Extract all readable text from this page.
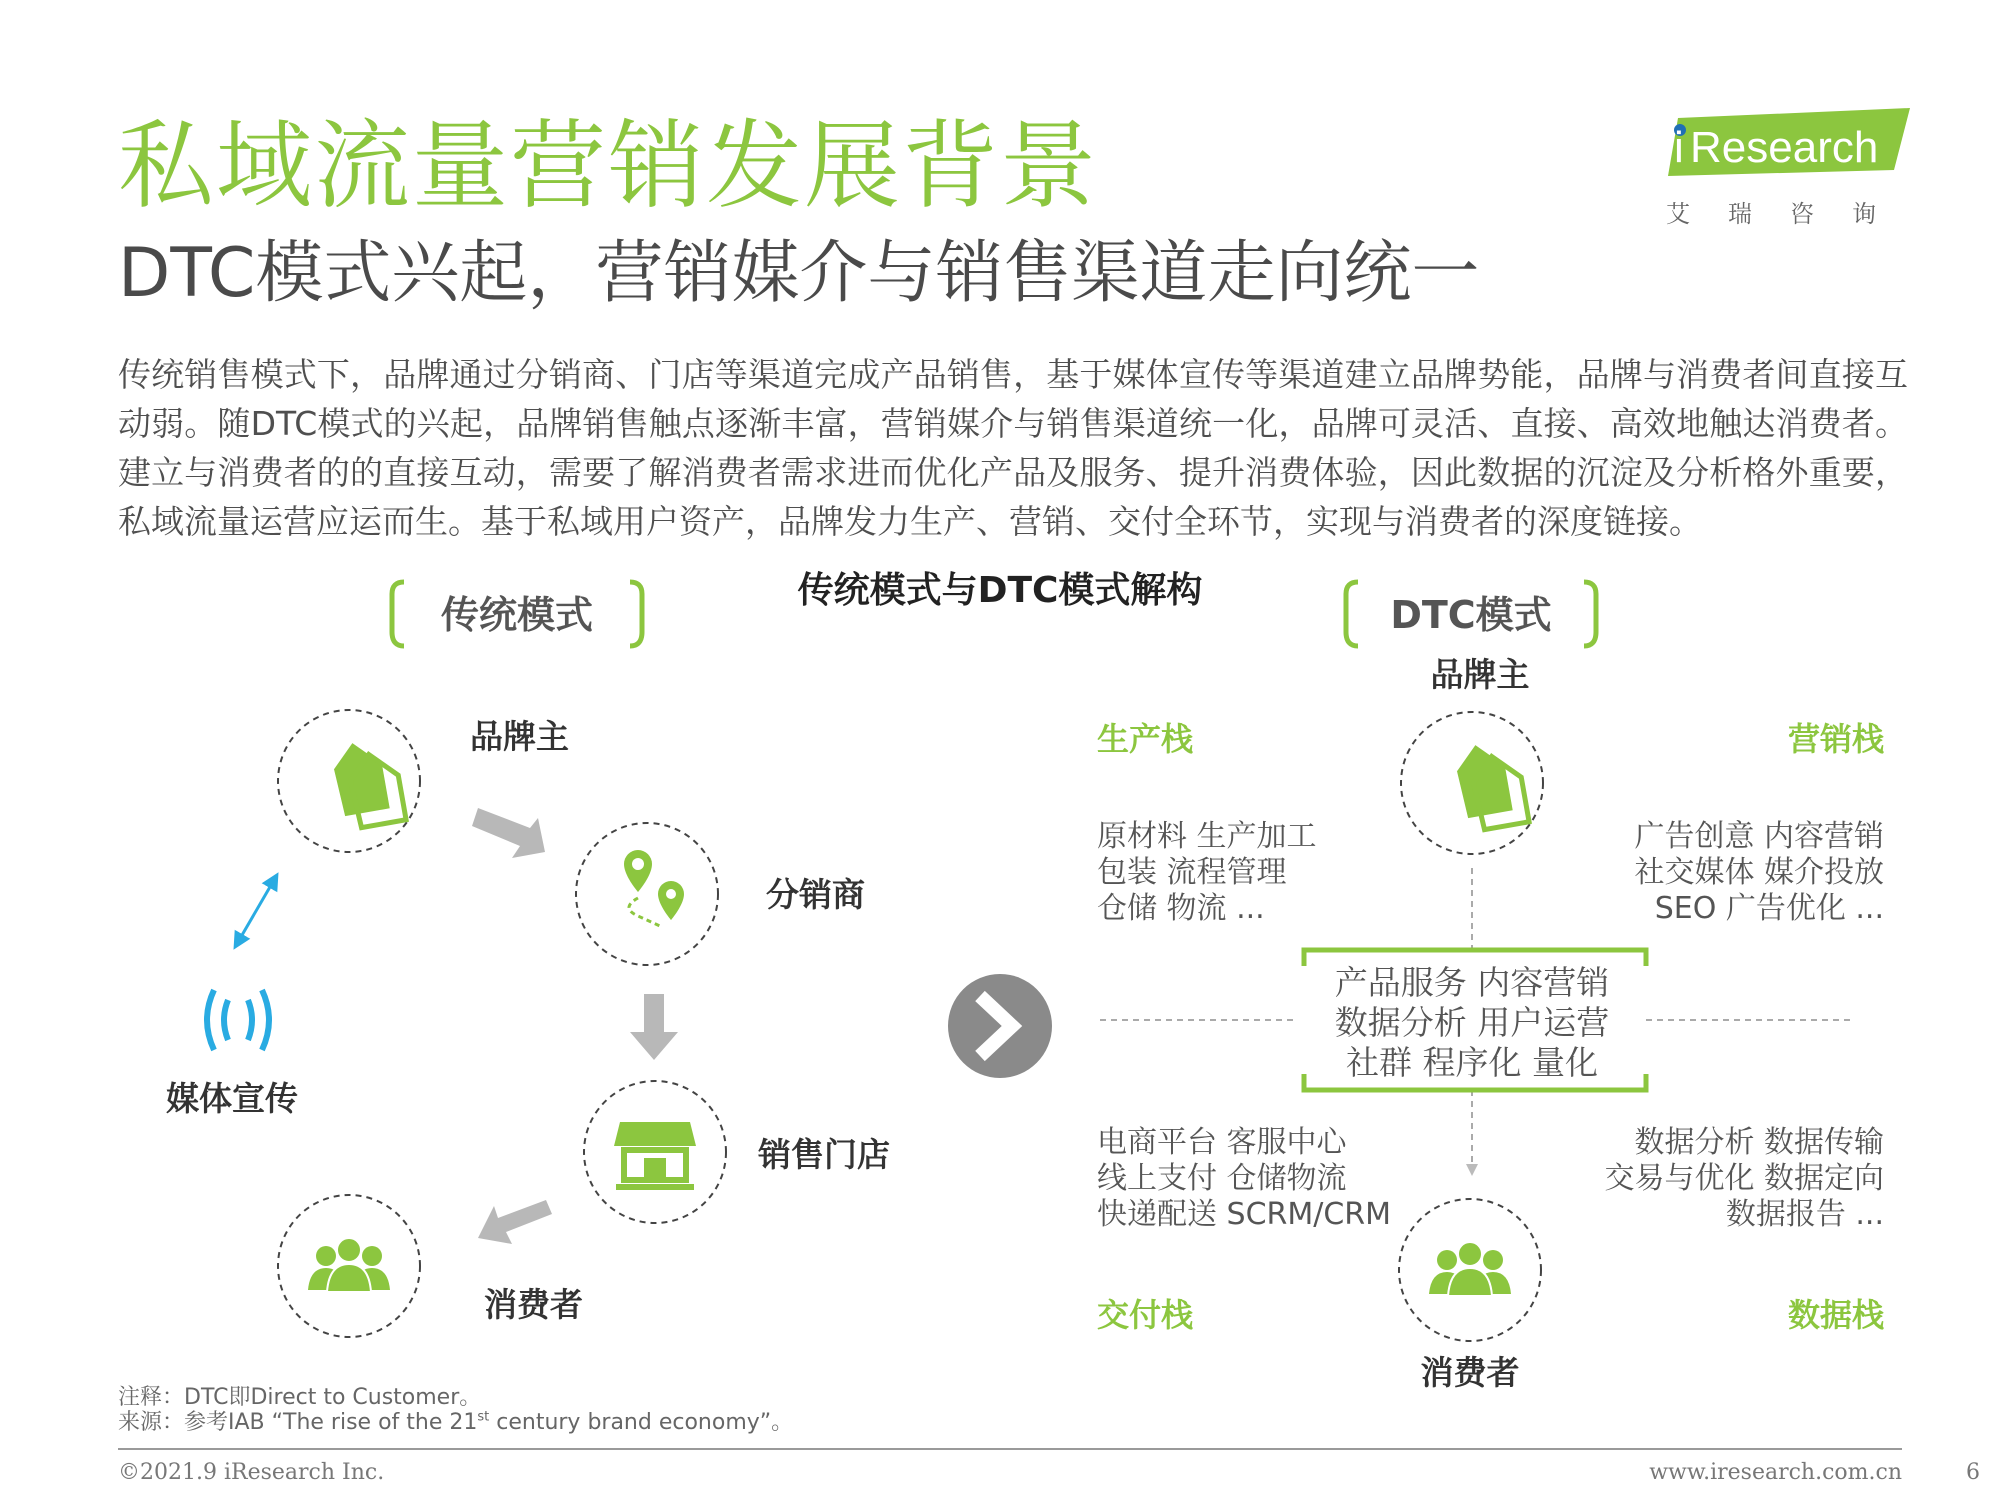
私域流量营销发展背景
DTC模式兴起，营销媒介与销售渠道走向统一
i Research
艾瑞咨询

传统销售模式下，品牌通过分销商、门店等渠道完成产品销售，基于媒体宣传等渠道建立品牌势能，品牌与消费者间直接互动弱。随DTC模式的兴起，品牌销售触点逐渐丰富，营销媒介与销售渠道统一化，品牌可灵活、直接、高效地触达消费者。建立与消费者的的直接互动，需要了解消费者需求进而优化产品及服务、提升消费体验，因此数据的沉淀及分析格外重要，私域流量运营应运而生。基于私域用户资产，品牌发力生产、营销、交付全环节，实现与消费者的深度链接。

传统模式与DTC模式解构
传统模式	DTC模式
品牌主
分销商
销售门店
消费者
媒体宣传
品牌主
产品服务 内容营销
数据分析 用户运营
社群 程序化 量化
生产栈
原材料 生产加工
包装 流程管理
仓储 物流 ...
营销栈
广告创意 内容营销
社交媒体 媒介投放
SEO 广告优化 ...
电商平台 客服中心
线上支付 仓储物流
快递配送 SCRM/CRM
交付栈
数据分析 数据传输
交易与优化 数据定向
数据报告 ...
数据栈
消费者
注释：DTC即Direct to Customer。
来源：参考IAB “The rise of the 21st century brand economy”。
©2021.9 iResearch Inc.	www.iresearch.com.cn	6
